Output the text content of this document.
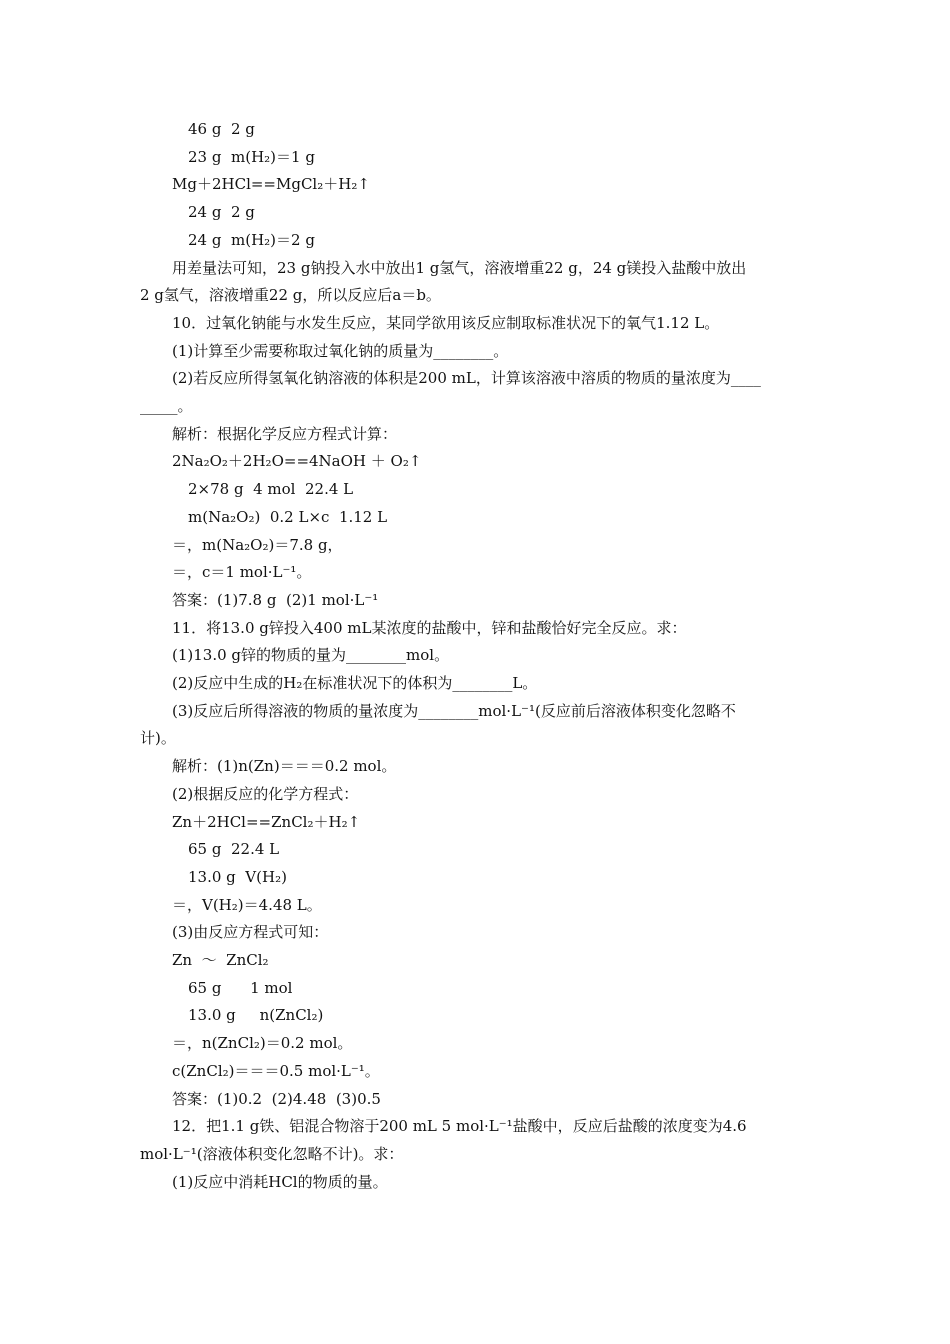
46 g  2 g
23 g  m(H₂)＝1 g
Mg＋2HCl==MgCl₂＋H₂↑
24 g  2 g
24 g  m(H₂)＝2 g
用差量法可知，23 g钠投入水中放出1 g氢气，溶液增重22 g，24 g镁投入盐酸中放出
2 g氢气，溶液增重22 g，所以反应后a＝b。
10．过氧化钠能与水发生反应，某同学欲用该反应制取标准状况下的氧气1.12 L。
(1)计算至少需要称取过氧化钠的质量为________。
(2)若反应所得氢氧化钠溶液的体积是200 mL，计算该溶液中溶质的物质的量浓度为____
_____。
解析：根据化学反应方程式计算：
2Na₂O₂＋2H₂O==4NaOH ＋ O₂↑
2×78 g  4 mol  22.4 L
m(Na₂O₂)  0.2 L×c  1.12 L
＝，m(Na₂O₂)＝7.8 g，
＝，c＝1 mol·L⁻¹。
答案：(1)7.8 g  (2)1 mol·L⁻¹
11．将13.0 g锌投入400 mL某浓度的盐酸中，锌和盐酸恰好完全反应。求：
(1)13.0 g锌的物质的量为________mol。
(2)反应中生成的H₂在标准状况下的体积为________L。
(3)反应后所得溶液的物质的量浓度为________mol·L⁻¹(反应前后溶液体积变化忽略不
计)。
解析：(1)n(Zn)＝＝＝0.2 mol。
(2)根据反应的化学方程式：
Zn＋2HCl==ZnCl₂＋H₂↑
65 g  22.4 L
13.0 g  V(H₂)
＝，V(H₂)＝4.48 L。
(3)由反应方程式可知：
Zn  ～  ZnCl₂
65 g      1 mol
13.0 g     n(ZnCl₂)
＝，n(ZnCl₂)＝0.2 mol。
c(ZnCl₂)＝＝＝0.5 mol·L⁻¹。
答案：(1)0.2  (2)4.48  (3)0.5
12．把1.1 g铁、铝混合物溶于200 mL 5 mol·L⁻¹盐酸中，反应后盐酸的浓度变为4.6
mol·L⁻¹(溶液体积变化忽略不计)。求：
(1)反应中消耗HCl的物质的量。
